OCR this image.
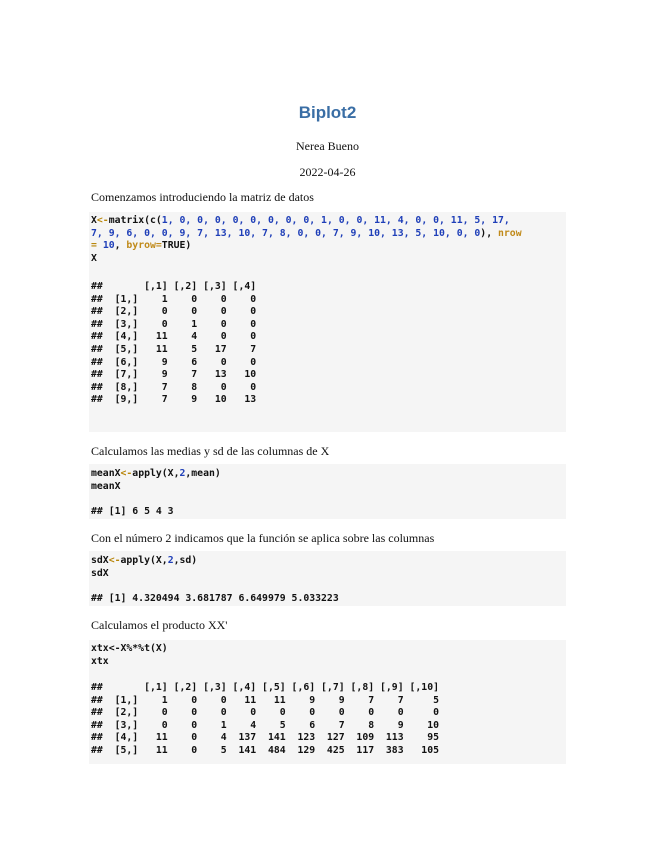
Biplot2
Nerea Bueno
2022-04-26
Comenzamos introduciendo la matriz de datos
X<-matrix(c(1, 0, 0, 0, 0, 0, 0, 0, 0, 1, 0, 0, 11, 4, 0, 0, 11, 5, 17,
7, 9, 6, 0, 0, 9, 7, 13, 10, 7, 8, 0, 0, 7, 9, 10, 13, 5, 10, 0, 0), nrow
= 10, byrow=TRUE)
X
##       [,1] [,2] [,3] [,4]
##  [1,]    1    0    0    0
##  [2,]    0    0    0    0
##  [3,]    0    1    0    0
##  [4,]   11    4    0    0
##  [5,]   11    5   17    7
##  [6,]    9    6    0    0
##  [7,]    9    7   13   10
##  [8,]    7    8    0    0
##  [9,]    7    9   10   13
Calculamos las medias y sd de las columnas de X
meanX<-apply(X,2,mean)
meanX
## [1] 6 5 4 3
Con el número 2 indicamos que la función se aplica sobre las columnas
sdX<-apply(X,2,sd)
sdX
## [1] 4.320494 3.681787 6.649979 5.033223
Calculamos el producto XX'
xtx<-X%*%t(X)
xtx
##       [,1] [,2] [,3] [,4] [,5] [,6] [,7] [,8] [,9] [,10]
##  [1,]    1    0    0   11   11    9    9    7    7     5
##  [2,]    0    0    0    0    0    0    0    0    0     0
##  [3,]    0    0    1    4    5    6    7    8    9    10
##  [4,]   11    0    4  137  141  123  127  109  113    95
##  [5,]   11    0    5  141  484  129  425  117  383   105
